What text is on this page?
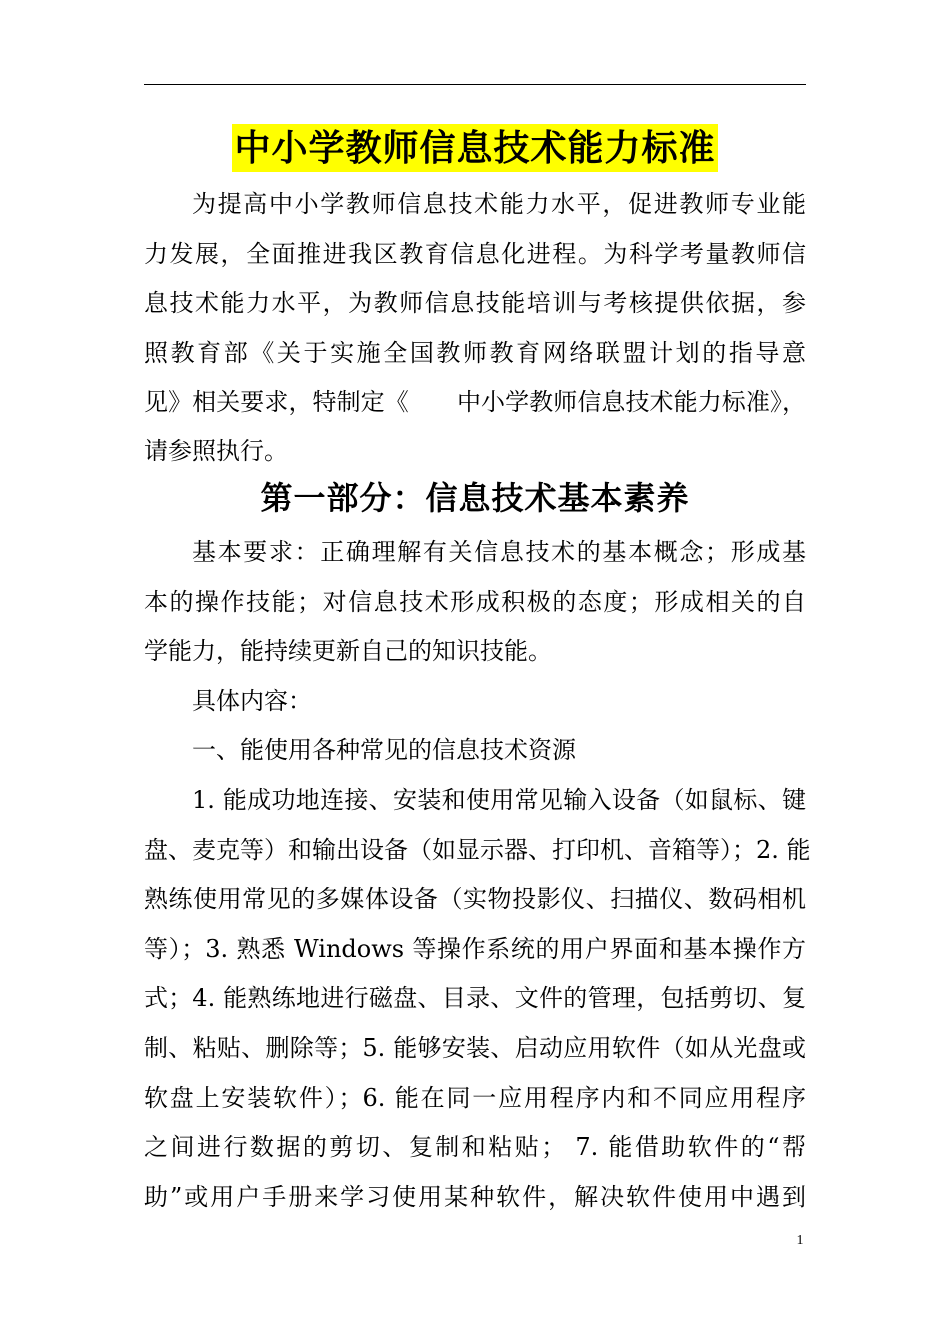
中小学教师信息技术能力标准
为提高中小学教师信息技术能力水平，促进教师专业能
力发展，全面推进我区教育信息化进程。为科学考量教师信
息技术能力水平，为教师信息技能培训与考核提供依据，参
照教育部《关于实施全国教师教育网络联盟计划的指导意
见》相关要求，特制定《　　中小学教师信息技术能力标准》，
请参照执行。
第一部分：信息技术基本素养
基本要求：正确理解有关信息技术的基本概念；形成基
本的操作技能；对信息技术形成积极的态度；形成相关的自
学能力，能持续更新自己的知识技能。
具体内容：
一、能使用各种常见的信息技术资源
1. 能成功地连接、安装和使用常见输入设备（如鼠标、键
盘、麦克等）和输出设备（如显示器、打印机、音箱等）；2. 能
熟练使用常见的多媒体设备（实物投影仪、扫描仪、数码相机
等）；3. 熟悉 Windows 等操作系统的用户界面和基本操作方
式；4. 能熟练地进行磁盘、目录、文件的管理，包括剪切、复
制、粘贴、删除等；5. 能够安装、启动应用软件（如从光盘或
软盘上安装软件）；6. 能在同一应用程序内和不同应用程序
之间进行数据的剪切、复制和粘贴； 7. 能借助软件的“帮
助”或用户手册来学习使用某种软件，解决软件使用中遇到
1
